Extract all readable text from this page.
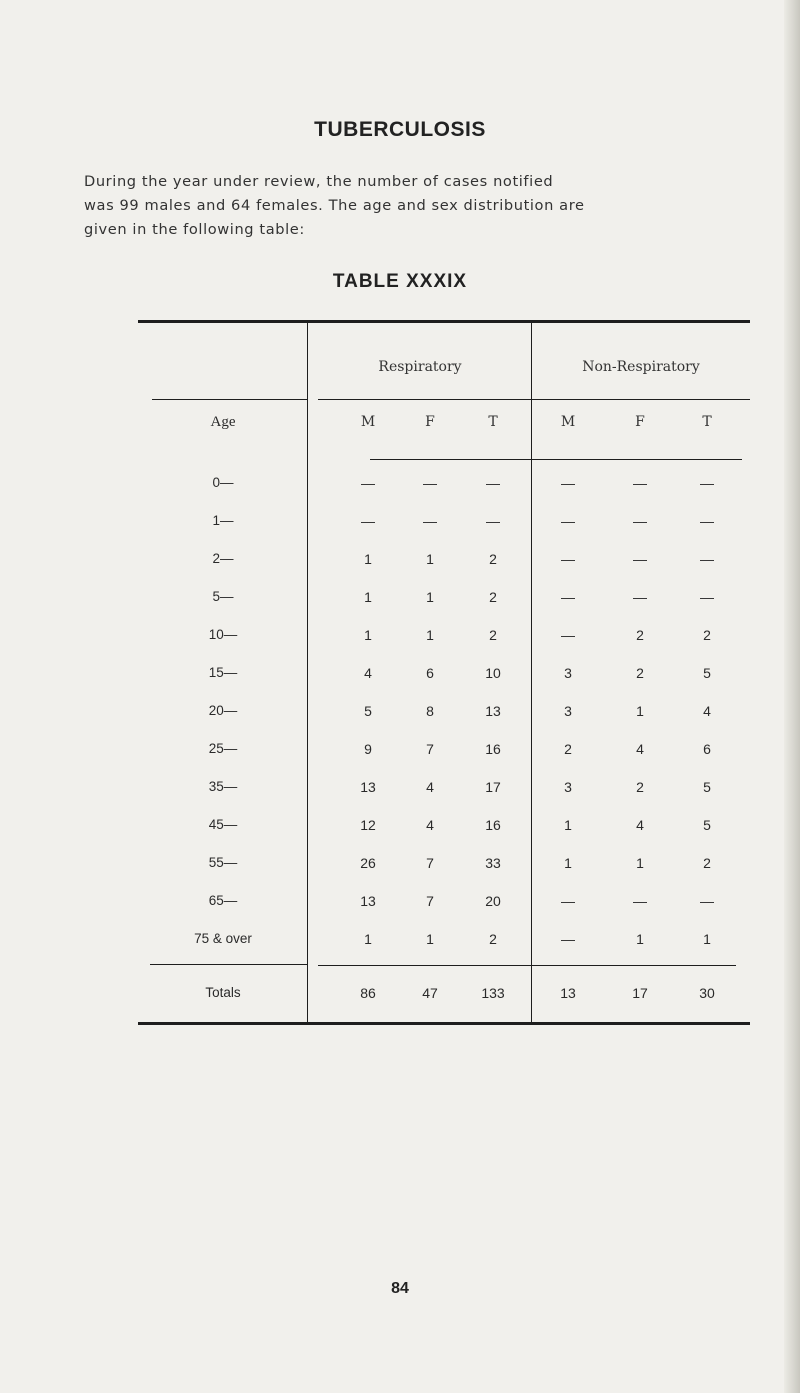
TUBERCULOSIS
During the year under review, the number of cases notified
was 99 males and 64 females. The age and sex distribution are
given in the following table:
TABLE XXXIX
Respiratory	Non-Respiratory
Age	M	F	T	M	F	T
0—	—	—	—	—	—	—
1—	—	—	—	—	—	—
2—	1	1	2	—	—	—
5—	1	1	2	—	—	—
10—	1	1	2	—	2	2
15—	4	6	10	3	2	5
20—	5	8	13	3	1	4
25—	9	7	16	2	4	6
35—	13	4	17	3	2	5
45—	12	4	16	1	4	5
55—	26	7	33	1	1	2
65—	13	7	20	—	—	—
75 & over	1	1	2	—	1	1
Totals	86	47	133	13	17	30
84
